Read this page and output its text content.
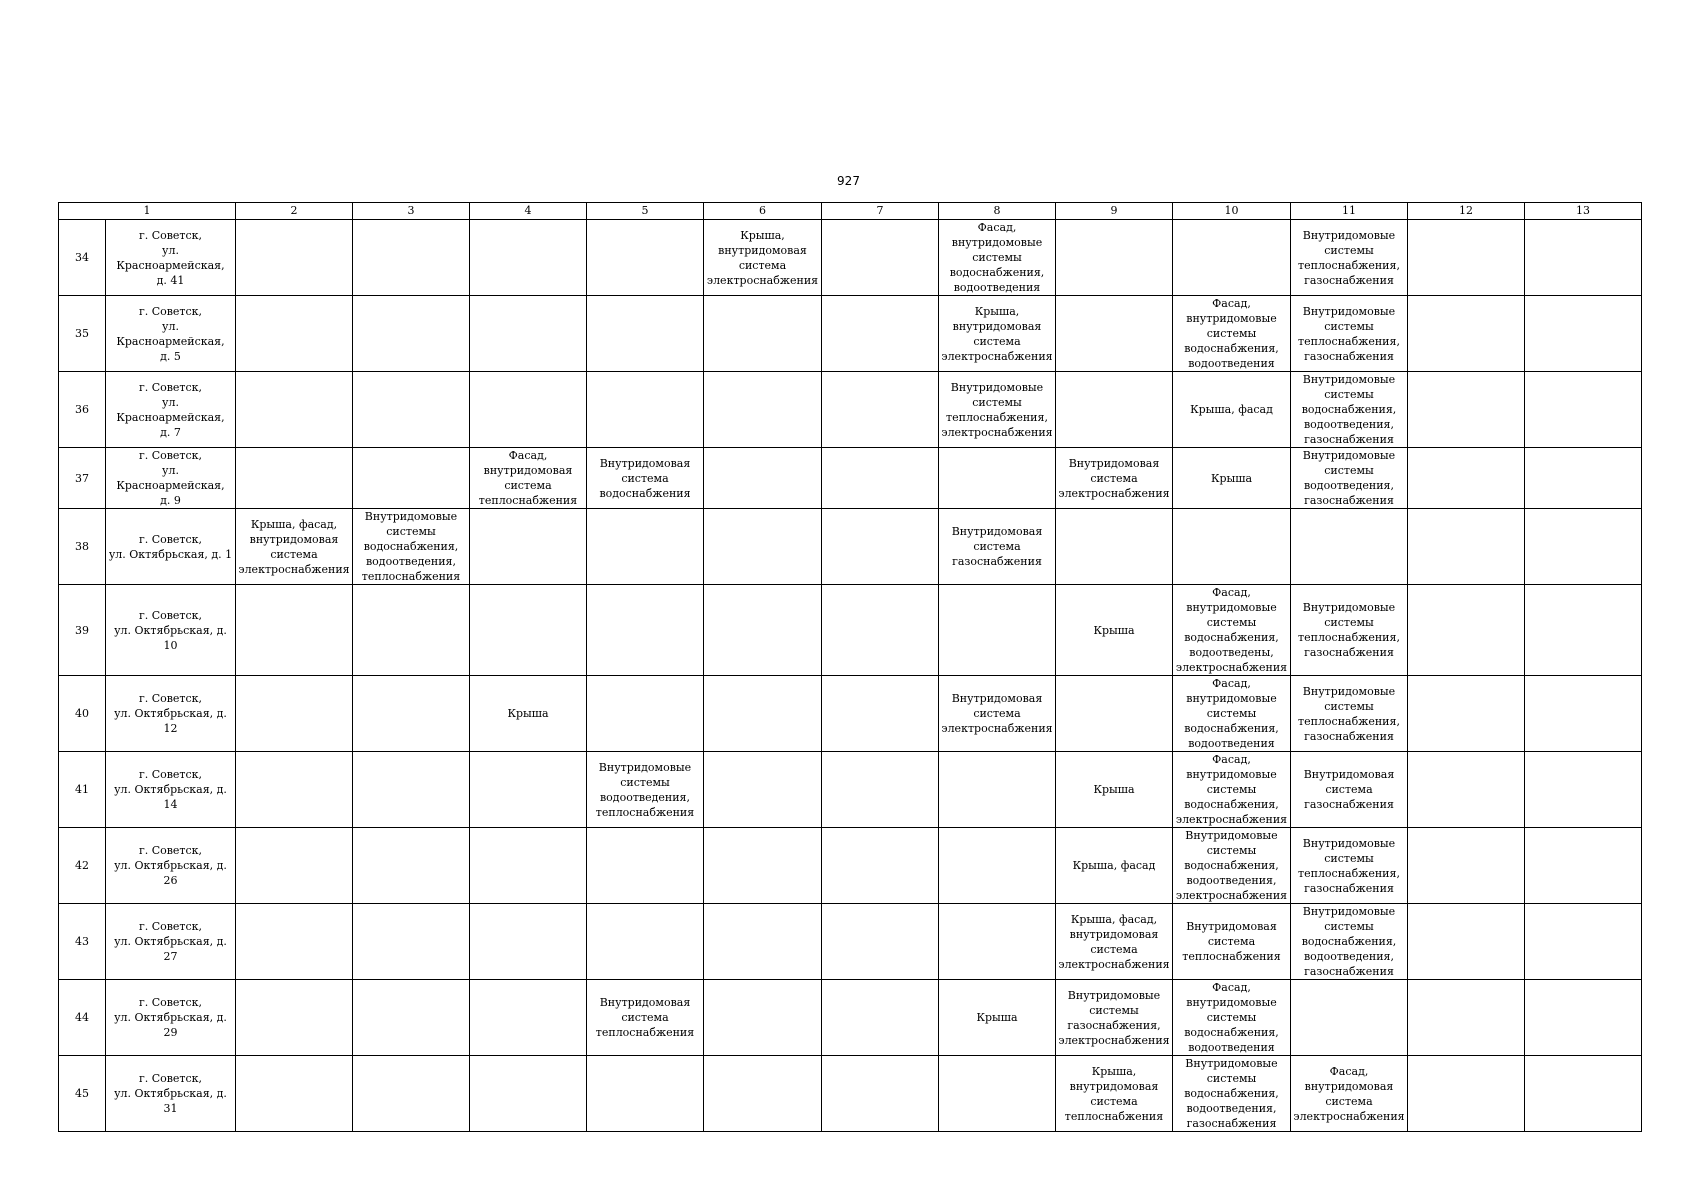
927
1		2	3	4	5	6	7	8	9	10	11	12	13
34	г. Советск,
ул. Красноармейская,
д. 41					Крыша, внутридомовая система электроснабжения		Фасад, внутридомовые системы водоснабжения, водоотведения			Внутридомовые системы теплоснабжения, газоснабжения		
35	г. Советск,
ул. Красноармейская,
д. 5							Крыша, внутридомовая система электроснабжения		Фасад, внутридомовые системы водоснабжения, водоотведения	Внутридомовые системы теплоснабжения, газоснабжения		
36	г. Советск,
ул. Красноармейская,
д. 7							Внутридомовые системы теплоснабжения, электроснабжения		Крыша, фасад	Внутридомовые системы водоснабжения, водоотведения, газоснабжения		
37	г. Советск,
ул. Красноармейская,
д. 9			Фасад, внутридомовая система теплоснабжения	Внутридомовая система водоснабжения				Внутридомовая система электроснабжения	Крыша	Внутридомовые системы водоотведения, газоснабжения		
38	г. Советск,
ул. Октябрьская, д. 1	Крыша, фасад, внутридомовая система электроснабжения	Внутридомовые системы водоснабжения, водоотведения, теплоснабжения					Внутридомовая система газоснабжения					
39	г. Советск,
ул. Октябрьская, д. 10								Крыша	Фасад, внутридомовые системы водоснабжения, водоотведены, электроснабжения	Внутридомовые системы теплоснабжения, газоснабжения		
40	г. Советск,
ул. Октябрьская, д. 12			Крыша				Внутридомовая система электроснабжения		Фасад, внутридомовые системы водоснабжения, водоотведения	Внутридомовые системы теплоснабжения, газоснабжения		
41	г. Советск,
ул. Октябрьская, д. 14				Внутридомовые системы водоотведения, теплоснабжения				Крыша	Фасад, внутридомовые системы водоснабжения, электроснабжения	Внутридомовая система газоснабжения		
42	г. Советск,
ул. Октябрьская, д. 26								Крыша, фасад	Внутридомовые системы водоснабжения, водоотведения, электроснабжения	Внутридомовые системы теплоснабжения, газоснабжения		
43	г. Советск,
ул. Октябрьская, д. 27								Крыша, фасад, внутридомовая система электроснабжения	Внутридомовая система теплоснабжения	Внутридомовые системы водоснабжения, водоотведения, газоснабжения		
44	г. Советск,
ул. Октябрьская, д. 29				Внутридомовая система теплоснабжения			Крыша	Внутридомовые системы газоснабжения, электроснабжения	Фасад, внутридомовые системы водоснабжения, водоотведения			
45	г. Советск,
ул. Октябрьская, д. 31								Крыша, внутридомовая система теплоснабжения	Внутридомовые системы водоснабжения, водоотведения, газоснабжения	Фасад, внутридомовая система электроснабжения		
